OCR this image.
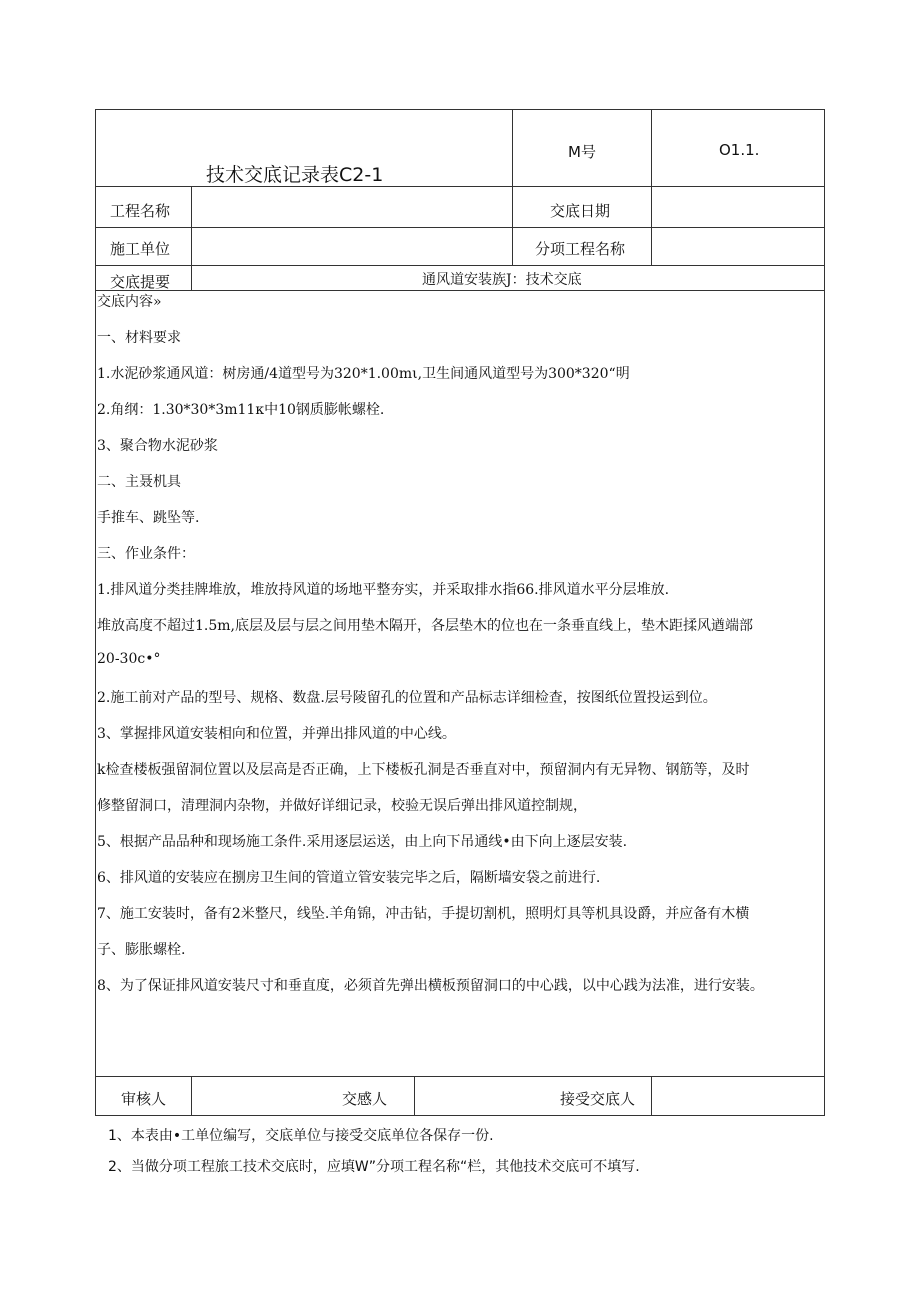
技术交底记录表C2-1
M号	O1.1.
工程名称	交底日期
施工单位	分项工程名称
交底提要	通风道安装族J：技术交底
交底内容»
一、材料要求
1.水泥砂浆通风道：树房通/4道型号为320*1.00mι,卫生间通风道型号为300*320“明
2.角纲：1.30*30*3m11κ中10钢质膨帐螺栓.
3、聚合物水泥砂浆
二、主聂机具
手推车、跳坠等.
三、作业条件：
1.排风道分类挂牌堆放，堆放持风道的场地平整夯实，并采取排水指66.排风道水平分层堆放.
堆放高度不超过1.5m,底层及层与层之间用垫木隔开，各层垫木的位也在一条垂直线上，垫木距揉风遒端部
20-30c•°
2.施工前对产品的型号、规格、数盘.层号陵留孔的位置和产品标志详细检查，按图纸位置投运到位。
3、掌握排风道安装相向和位置，并弹出排风道的中心线。
k检查楼板强留洞位置以及层高是否正确，上下楼板孔洞是否垂直对中，预留洞内有无异物、钢筋等，及时
修整留洞口，清理洞内杂物，并做好详细记录，校验无误后弹出排风道控制规，
5、根据产品品种和现场施工条件.采用逐层运送，由上向下吊通线•由下向上逐层安装.
6、排风道的安装应在捌房卫生间的管道立管安装完毕之后，隔断墙安袋之前进行.
7、施工安装时，备有2米整尺，线坠.羊角锦，冲击钻，手提切割机，照明灯具等机具设爵，并应备有木横
子、膨胀螺栓.
8、为了保证排风道安装尺寸和垂直度，必须首先弹出横板预留洞口的中心践，以中心践为法准，进行安装。
审核人	交感人	接受交底人
1、本表由•工单位编写，交底单位与接受交底单位各保存一份.
2、当做分项工程旅工技术交底时，应填W”分项工程名称“栏，其他技术交底可不填写.
